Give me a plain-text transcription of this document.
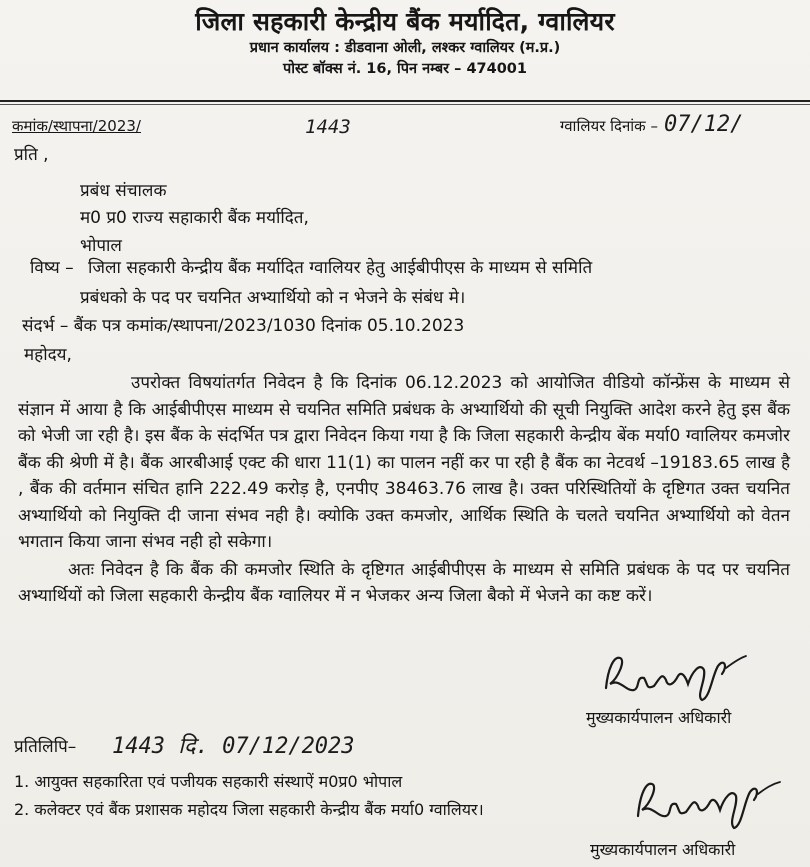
जिला सहकारी केन्द्रीय बैंक मर्यादित, ग्वालियर
प्रधान कार्यालय : डीडवाना ओली, लश्कर ग्वालियर (म.प्र.)
पोस्ट बॉक्स नं. 16, पिन नम्बर – 474001
कमांक/स्थापना/2023/	1443	ग्वालियर दिनांक – 07/12/
प्रति ,
प्रबंध संचालक
म0 प्र0 राज्य सहाकारी बैंक मर्यादित,
भोपाल
विष्य – जिला सहकारी केन्द्रीय बैंक मर्यादित ग्वालियर हेतु आईबीपीएस के माध्यम से समिति
प्रबंधको के पद पर चयनित अभ्यार्थियो को न भेजने के संबंध मे।
संदर्भ – बैंक पत्र कमांक/स्थापना/2023/1030 दिनांक 05.10.2023
महोदय,

उपरोक्त विषयांतर्गत निवेदन है कि दिनांक 06.12.2023 को आयोजित वीडियो कॉन्फ्रेंस के माध्यम से संज्ञान में आया है कि आईबीपीएस माध्यम से चयनित समिति प्रबंधक के अभ्यार्थियो की सूची नियुक्ति आदेश करने हेतु इस बैंक को भेजी जा रही है। इस बैंक के संदर्भित पत्र द्वारा निवेदन किया गया है कि जिला सहकारी केन्द्रीय बेंक मर्या0 ग्वालियर कमजोर बैंक की श्रेणी में है। बैंक आरबीआई एक्ट की धारा 11(1) का पालन नहीं कर पा रही है बैंक का नेटवर्थ –19183.65 लाख है , बैंक की वर्तमान संचित हानि 222.49 करोड़ है, एनपीए 38463.76 लाख है। उक्त परिस्थितियों के दृष्टिगत उक्त चयनित अभ्यार्थियो को नियुक्ति दी जाना संभव नही है। क्योकि उक्त कमजोर, आर्थिक स्थिति के चलते चयनित अभ्यार्थियो को वेतन भगतान किया जाना संभव नही हो सकेगा।

अतः निवेदन है कि बैंक की कमजोर स्थिति के दृष्टिगत आईबीपीएस के माध्यम से समिति प्रबंधक के पद पर चयनित अभ्यार्थियों को जिला सहकारी केन्द्रीय बैंक ग्वालियर में न भेजकर अन्य जिला बैको में भेजने का कष्ट करें।

मुख्यकार्यपालन अधिकारी
प्रतिलिपि– 1443 दि. 07/12/2023
1. आयुक्त सहकारिता एवं पजीयक सहकारी संस्थाऐं म0प्र0 भोपाल
2. कलेक्टर एवं बैंक प्रशासक महोदय जिला सहकारी केन्द्रीय बैंक मर्या0 ग्वालियर।
मुख्यकार्यपालन अधिकारी
